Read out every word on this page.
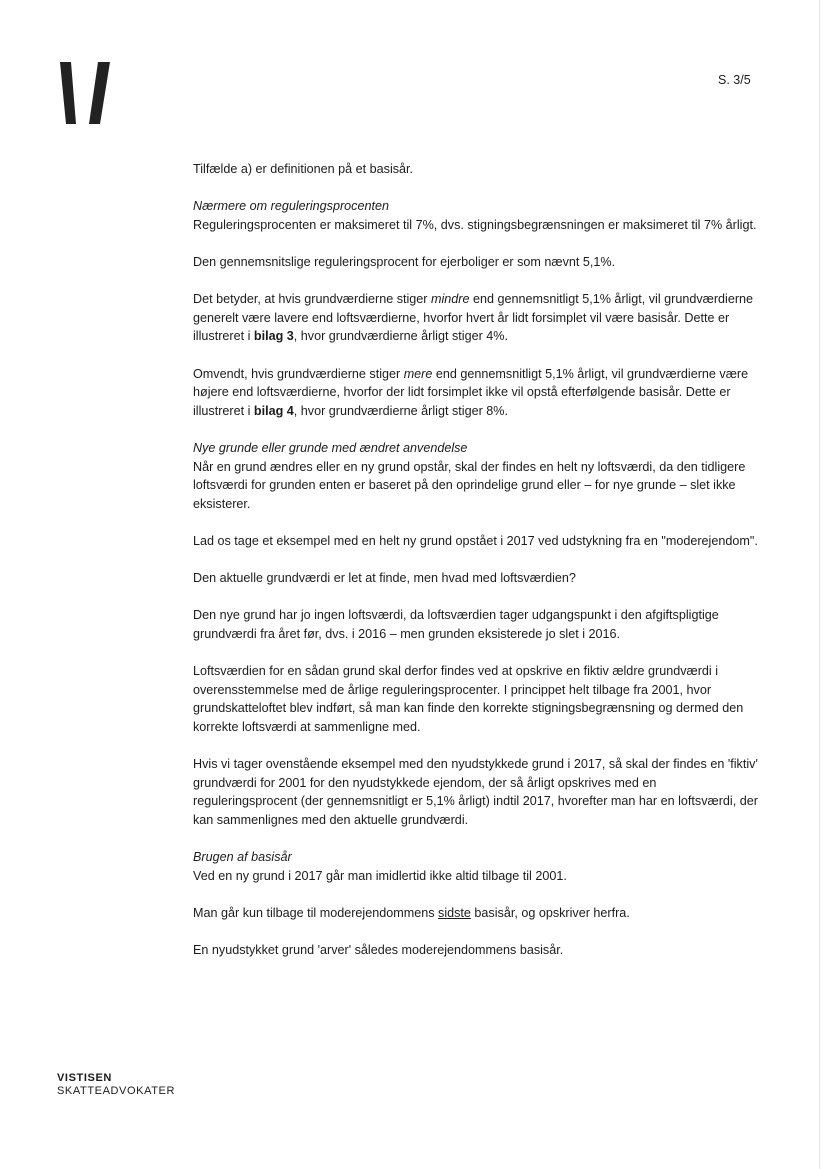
S. 3/5

Tilfælde a) er definitionen på et basisår.

Nærmere om reguleringsprocenten

Reguleringsprocenten er maksimeret til 7%, dvs. stigningsbegrænsningen er maksimeret til 7% årligt.

Den gennemsnitslige reguleringsprocent for ejerboliger er som nævnt 5,1%.

Det betyder, at hvis grundværdierne stiger mindre end gennemsnitligt 5,1% årligt, vil grundværdierne generelt være lavere end loftsværdierne, hvorfor hvert år lidt forsimplet vil være basisår. Dette er illustreret i bilag 3, hvor grundværdierne årligt stiger 4%.

Omvendt, hvis grundværdierne stiger mere end gennemsnitligt 5,1% årligt, vil grundværdierne være højere end loftsværdierne, hvorfor der lidt forsimplet ikke vil opstå efterfølgende basisår. Dette er illustreret i bilag 4, hvor grundværdierne årligt stiger 8%.

Nye grunde eller grunde med ændret anvendelse

Når en grund ændres eller en ny grund opstår, skal der findes en helt ny loftsværdi, da den tidligere loftsværdi for grunden enten er baseret på den oprindelige grund eller – for nye grunde – slet ikke eksisterer.

Lad os tage et eksempel med en helt ny grund opstået i 2017 ved udstykning fra en "moderejendom".

Den aktuelle grundværdi er let at finde, men hvad med loftsværdien?

Den nye grund har jo ingen loftsværdi, da loftsværdien tager udgangspunkt i den afgiftspligtige grundværdi fra året før, dvs. i 2016 – men grunden eksisterede jo slet i 2016.

Loftsværdien for en sådan grund skal derfor findes ved at opskrive en fiktiv ældre grundværdi i overensstemmelse med de årlige reguleringsprocenter. I princippet helt tilbage fra 2001, hvor grundskatteloftet blev indført, så man kan finde den korrekte stigningsbegrænsning og dermed den korrekte loftsværdi at sammenligne med.

Hvis vi tager ovenstående eksempel med den nyudstykkede grund i 2017, så skal der findes en 'fiktiv' grundværdi for 2001 for den nyudstykkede ejendom, der så årligt opskrives med en reguleringsprocent (der gennemsnitligt er 5,1% årligt) indtil 2017, hvorefter man har en loftsværdi, der kan sammenlignes med den aktuelle grundværdi.

Brugen af basisår

Ved en ny grund i 2017 går man imidlertid ikke altid tilbage til 2001.

Man går kun tilbage til moderejendommens sidste basisår, og opskriver herfra.

En nyudstykket grund 'arver' således moderejendommens basisår.

VISTISEN
SKATTEADVOKATER
